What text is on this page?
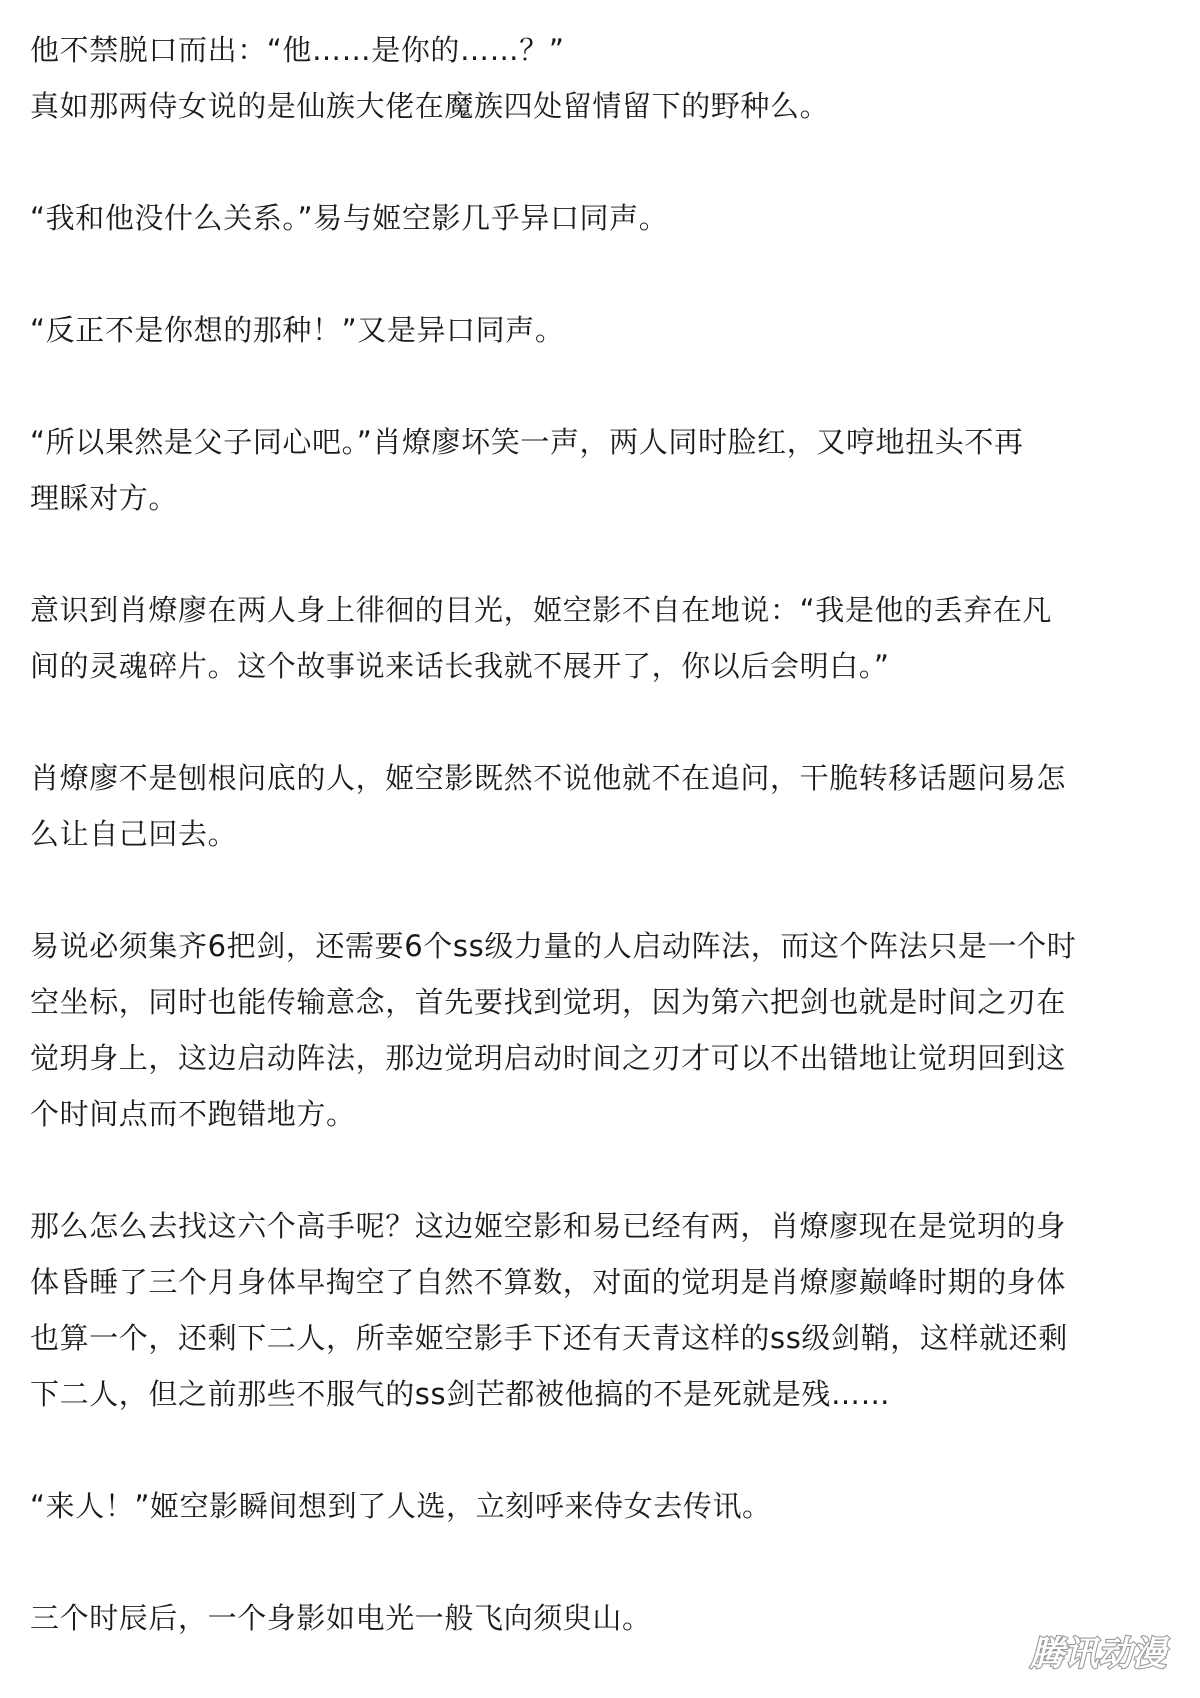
他不禁脱口而出：“他……是你的……？”
真如那两侍女说的是仙族大佬在魔族四处留情留下的野种么。

“我和他没什么关系。”易与姬空影几乎异口同声。

“反正不是你想的那种！”又是异口同声。

“所以果然是父子同心吧。”肖燎廖坏笑一声，两人同时脸红，又哼地扭头不再
理睬对方。

意识到肖燎廖在两人身上徘徊的目光，姬空影不自在地说：“我是他的丢弃在凡
间的灵魂碎片。这个故事说来话长我就不展开了，你以后会明白。”

肖燎廖不是刨根问底的人，姬空影既然不说他就不在追问，干脆转移话题问易怎
么让自己回去。

易说必须集齐6把剑，还需要6个ss级力量的人启动阵法，而这个阵法只是一个时
空坐标，同时也能传输意念，首先要找到觉玥，因为第六把剑也就是时间之刃在
觉玥身上，这边启动阵法，那边觉玥启动时间之刃才可以不出错地让觉玥回到这
个时间点而不跑错地方。

那么怎么去找这六个高手呢？这边姬空影和易已经有两，肖燎廖现在是觉玥的身
体昏睡了三个月身体早掏空了自然不算数，对面的觉玥是肖燎廖巅峰时期的身体
也算一个，还剩下二人，所幸姬空影手下还有天青这样的ss级剑鞘，这样就还剩
下二人，但之前那些不服气的ss剑芒都被他搞的不是死就是残……

“来人！”姬空影瞬间想到了人选，立刻呼来侍女去传讯。

三个时辰后，一个身影如电光一般飞向须臾山。

腾讯动漫
